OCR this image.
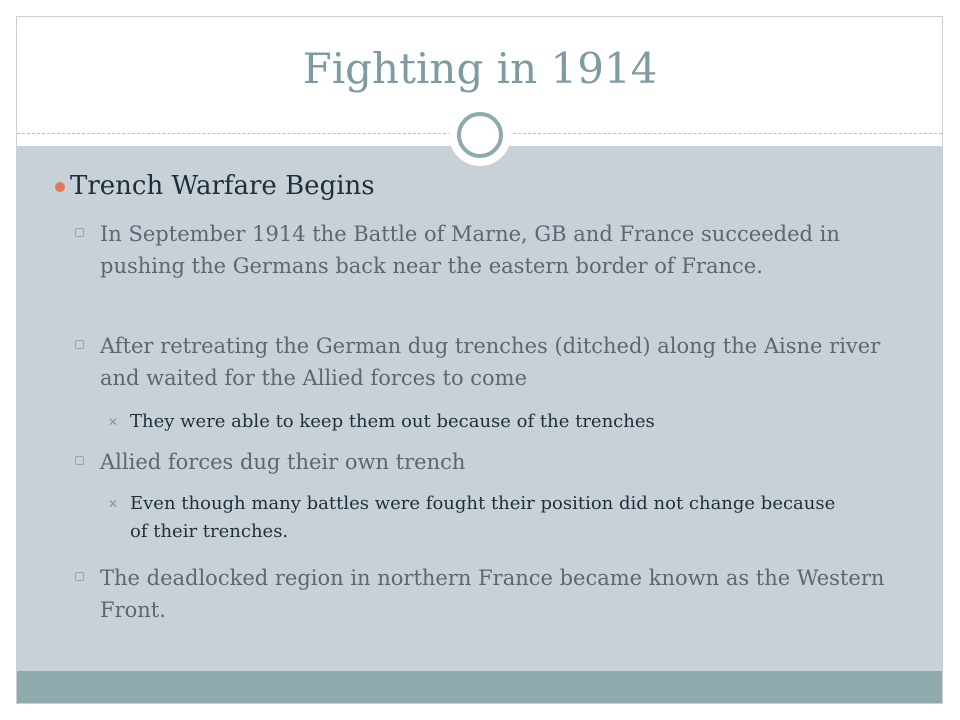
Fighting in 1914
Trench Warfare Begins
In September 1914 the Battle of Marne, GB and France succeeded in pushing the Germans back near the eastern border of France.
After retreating the German dug trenches (ditched) along the Aisne river and waited for the Allied forces to come
✕ They were able to keep them out because of the trenches
Allied forces dug their own trench
✕ Even though many battles were fought their position did not change because of their trenches.
The deadlocked region in northern France became known as the Western Front.
